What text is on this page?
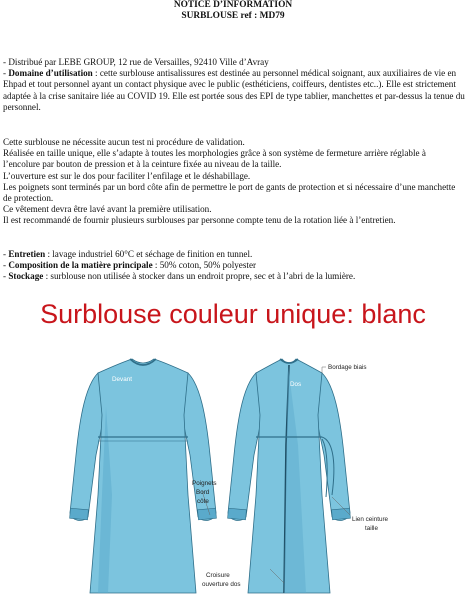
NOTICE D’INFORMATION
SURBLOUSE ref : MD79

- Distribué par LEBE GROUP, 12 rue de Versailles, 92410 Ville d’Avray

- Domaine d’utilisation : cette surblouse antisalissures est destinée au personnel médical soignant, aux auxiliaires de vie en Ehpad et tout personnel ayant un contact physique avec le public (esthéticiens, coiffeurs, dentistes etc..). Elle est strictement adaptée à la crise sanitaire liée au COVID 19. Elle est portée sous des EPI de type tablier, manchettes et par-dessus la tenue du personnel.

Cette surblouse ne nécessite aucun test ni procédure de validation.

Réalisée en taille unique, elle s’adapte à toutes les morphologies grâce à son système de fermeture arrière réglable à l’encolure par bouton de pression et à la ceinture fixée au niveau de la taille.

L’ouverture est sur le dos pour faciliter l’enfilage et le déshabillage.

Les poignets sont terminés par un bord côte afin de permettre le port de gants de protection et si nécessaire d’une manchette de protection.

Ce vêtement devra être lavé avant la première utilisation.

Il est recommandé de fournir plusieurs surblouses par personne compte tenu de la rotation liée à l’entretien.

- Entretien : lavage industriel 60°C et séchage de finition en tunnel.

- Composition de la matière principale : 50% coton, 50% polyester

- Stockage : surblouse non utilisée à stocker dans un endroit propre, sec et à l’abri de la lumière.

Surblouse couleur unique: blanc
Devant
Dos
Bordage biais
Poignets
Bord
côte
Lien ceinture
taille
Croisure
ouverture dos
